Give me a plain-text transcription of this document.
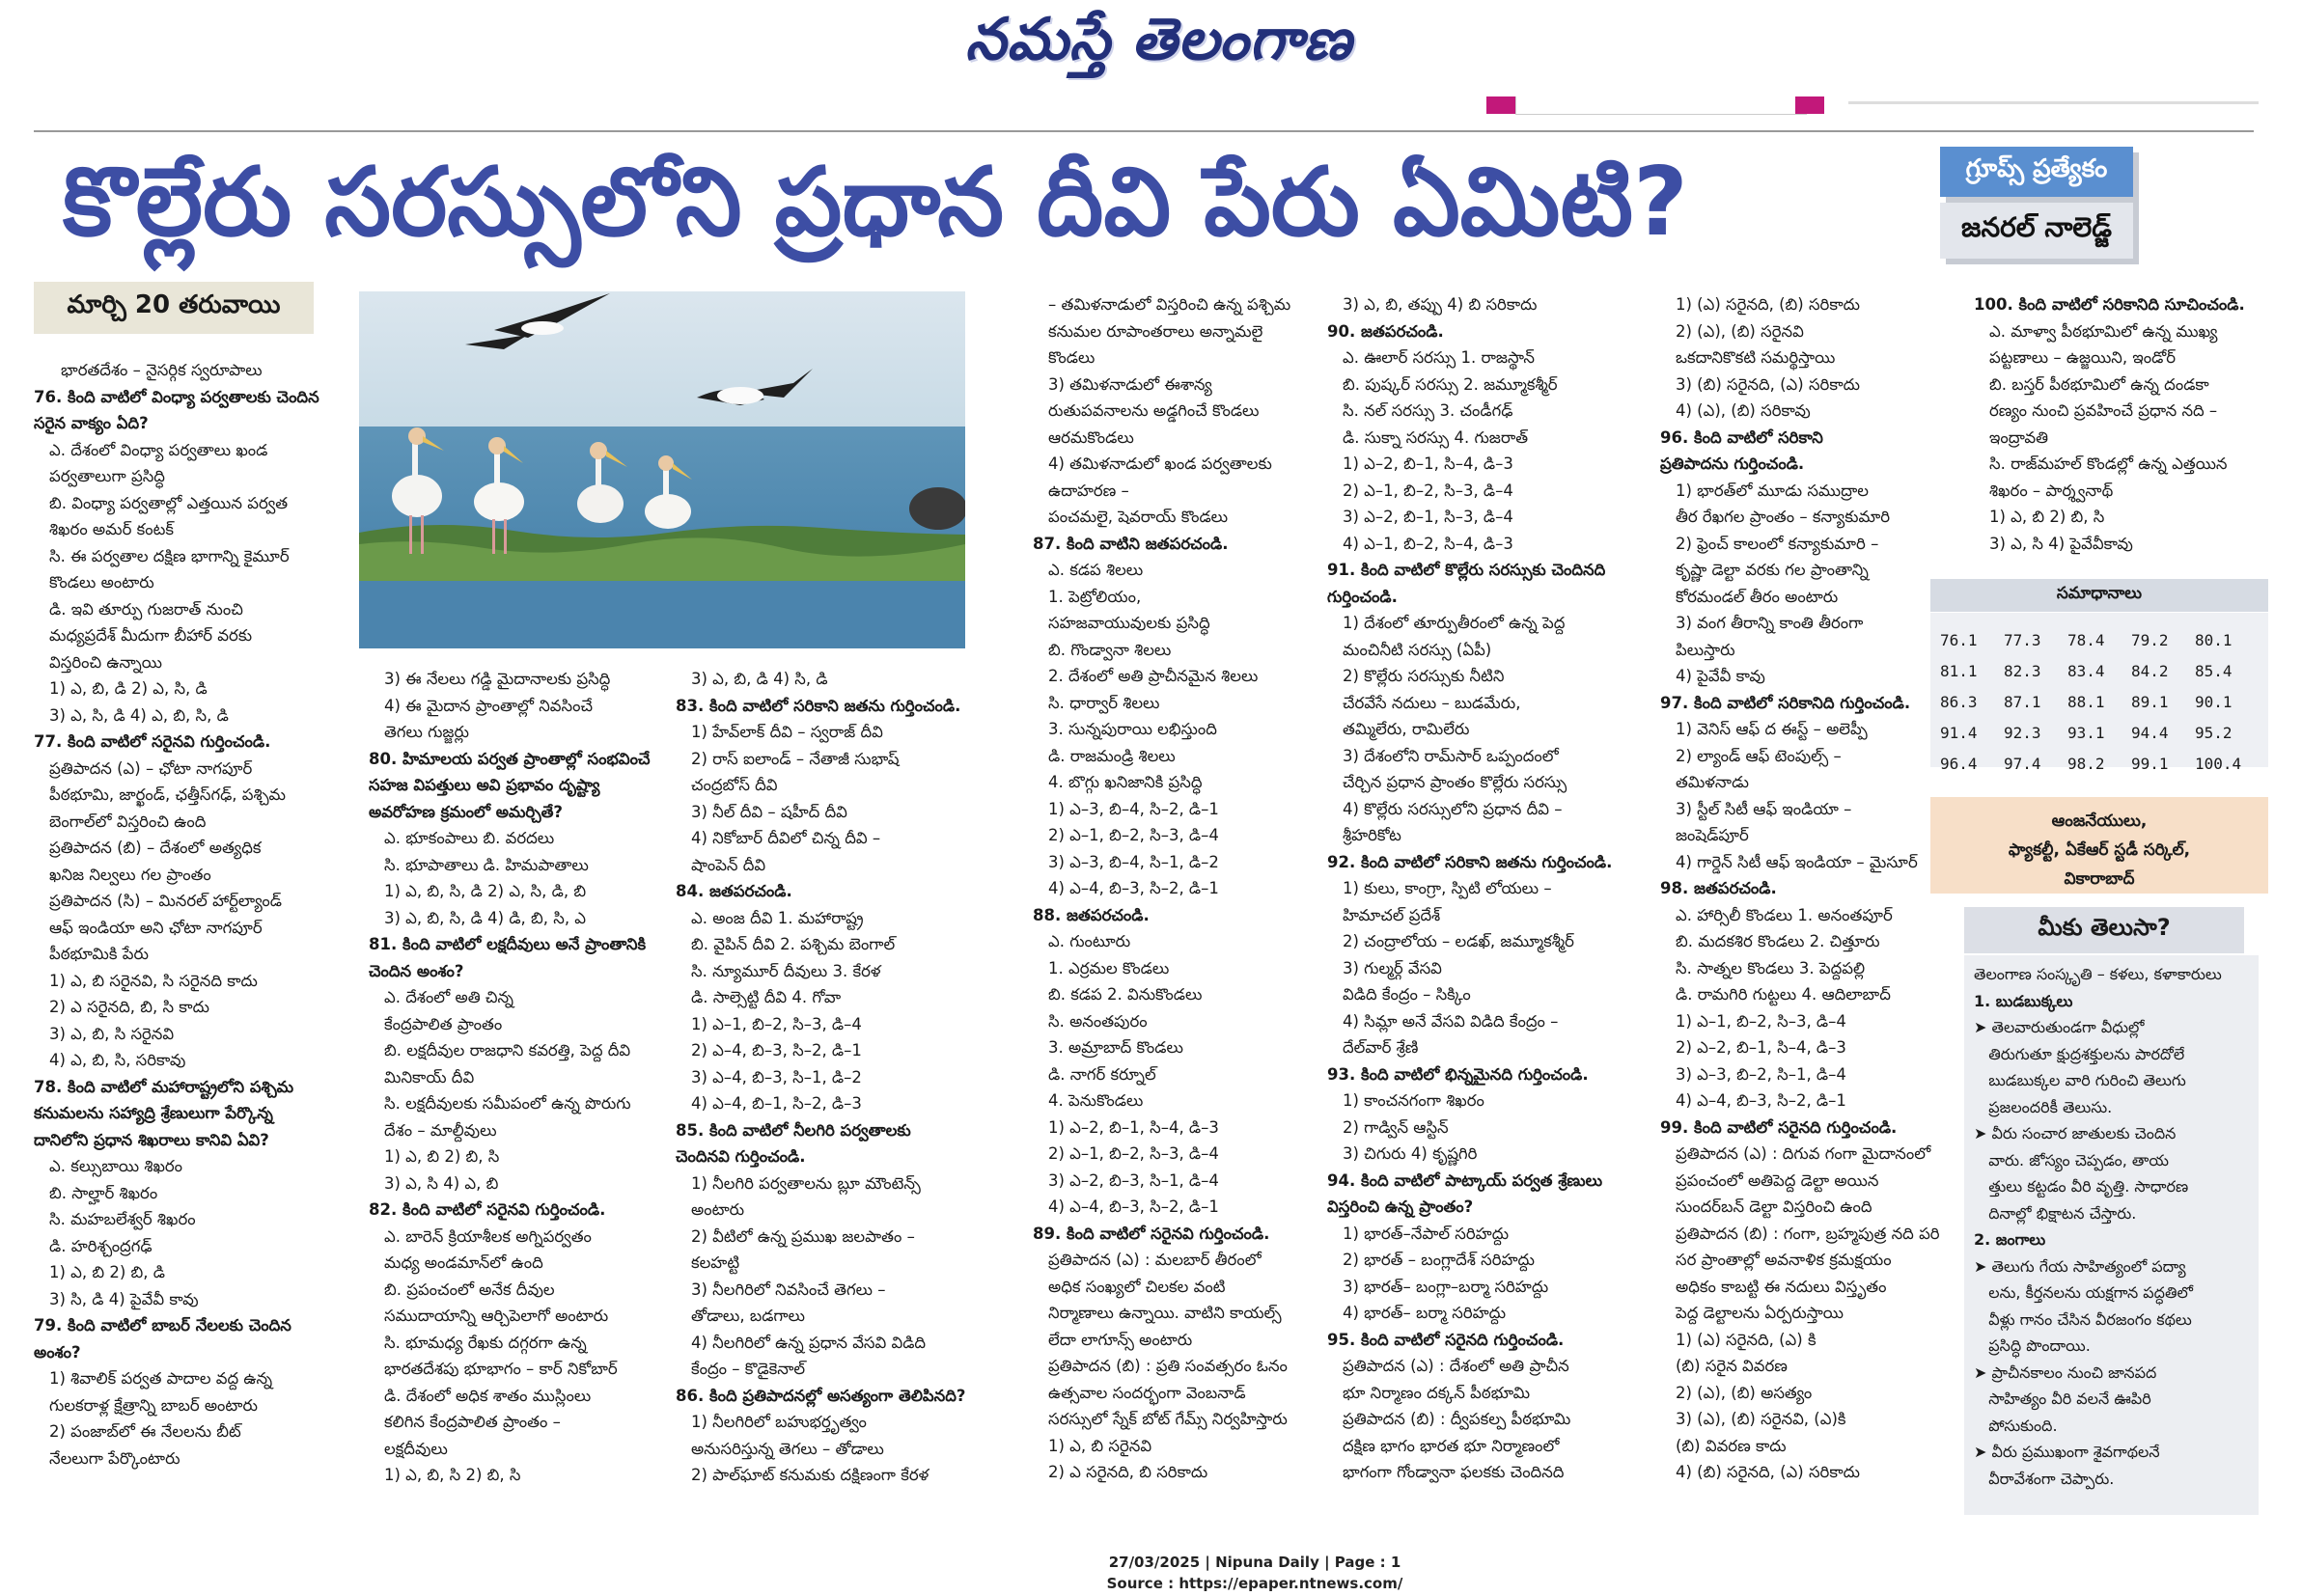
నమస్తే తెలంగాణ
కొల్లేరు సరస్సులోని ప్రధాన దీవి పేరు ఏమిటి?	గ్రూప్స్ ప్రత్యేకం
జనరల్ నాలెడ్జ్
మార్చి 20 తరువాయి
భారతదేశం – నైసర్గిక స్వరూపాలు
76. కింది వాటిలో వింధ్యా పర్వతాలకు చెందిన
సరైన వాక్యం ఏది?
ఎ. దేశంలో వింధ్యా పర్వతాలు ఖండ
పర్వతాలుగా ప్రసిద్ధి
బి. వింధ్యా పర్వతాల్లో ఎత్తయిన పర్వత
శిఖరం అమర్ కంటక్
సి. ఈ పర్వతాల దక్షిణ భాగాన్ని కైమూర్
కొండలు అంటారు
డి. ఇవి తూర్పు గుజరాత్ నుంచి
మధ్యప్రదేశ్ మీదుగా బీహార్ వరకు
విస్తరించి ఉన్నాయి
1) ఎ, బి, డి 2) ఎ, సి, డి
3) ఎ, సి, డి 4) ఎ, బి, సి, డి
77. కింది వాటిలో సరైనవి గుర్తించండి.
ప్రతిపాదన (ఎ) – ఛోటా నాగపూర్
పీఠభూమి, జార్ఖండ్, ఛత్తీస్‌గఢ్, పశ్చిమ
బెంగాల్‌లో విస్తరించి ఉంది
ప్రతిపాదన (బి) – దేశంలో అత్యధిక
ఖనిజ నిల్వలు గల ప్రాంతం
ప్రతిపాదన (సి) – మినరల్ హార్ట్‌ల్యాండ్
ఆఫ్ ఇండియా అని ఛోటా నాగపూర్
పీఠభూమికి పేరు
1) ఎ, బి సరైనవి, సి సరైనది కాదు
2) ఎ సరైనది, బి, సి కాదు
3) ఎ, బి, సి సరైనవి
4) ఎ, బి, సి, సరికావు
78. కింది వాటిలో మహారాష్ట్రలోని పశ్చిమ
కనుమలను సహ్యాద్రి శ్రేణులుగా పేర్కొన్న
దానిలోని ప్రధాన శిఖరాలు కానివి ఏవి?
ఎ. కల్సుబాయి శిఖరం
బి. సాల్హార్ శిఖరం
సి. మహబలేశ్వర్ శిఖరం
డి. హరిశ్చంద్రగఢ్
1) ఎ, బి 2) బి, డి
3) సి, డి 4) పైవేవీ కావు
79. కింది వాటిలో బాబర్ నేలలకు చెందిన
అంశం?
1) శివాలిక్ పర్వత పాదాల వద్ద ఉన్న
గులకరాళ్ల క్షేత్రాన్ని బాబర్ అంటారు
2) పంజాబ్‌లో ఈ నేలలను బీట్
నేలలుగా పేర్కొంటారు
3) ఈ నేలలు గడ్డి మైదానాలకు ప్రసిద్ధి
4) ఈ మైదాన ప్రాంతాల్లో నివసించే
తెగలు గుజ్జర్లు
80. హిమాలయ పర్వత ప్రాంతాల్లో సంభవించే
సహజ విపత్తులు అవి ప్రభావం దృష్ట్యా
అవరోహణ క్రమంలో అమర్చితే?
ఎ. భూకంపాలు బి. వరదలు
సి. భూపాతాలు డి. హిమపాతాలు
1) ఎ, బి, సి, డి 2) ఎ, సి, డి, బి
3) ఎ, బి, సి, డి 4) డి, బి, సి, ఎ
81. కింది వాటిలో లక్షదీవులు అనే ప్రాంతానికి
చెందిన అంశం?
ఎ. దేశంలో అతి చిన్న
కేంద్రపాలిత ప్రాంతం
బి. లక్షదీవుల రాజధాని కవరత్తి, పెద్ద దీవి
మినికాయ్ దీవి
సి. లక్షదీవులకు సమీపంలో ఉన్న పొరుగు
దేశం – మాల్దీవులు
1) ఎ, బి 2) బి, సి
3) ఎ, సి 4) ఎ, బి
82. కింది వాటిలో సరైనవి గుర్తించండి.
ఎ. బారెన్ క్రియాశీలక అగ్నిపర్వతం
మధ్య అండమాన్‌లో ఉంది
బి. ప్రపంచంలో అనేక దీవుల
సముదాయాన్ని ఆర్చిపెలాగో అంటారు
సి. భూమధ్య రేఖకు దగ్గరగా ఉన్న
భారతదేశపు భూభాగం – కార్ నికోబార్
డి. దేశంలో అధిక శాతం ముస్లింలు
కలిగిన కేంద్రపాలిత ప్రాంతం –
లక్షదీవులు
1) ఎ, బి, సి 2) బి, సి
3) ఎ, బి, డి 4) సి, డి
83. కింది వాటిలో సరికాని జతను గుర్తించండి.
1) హేవ్‌లాక్ దీవి – స్వరాజ్ దీవి
2) రాస్ ఐలాండ్ – నేతాజీ సుభాష్
చంద్రబోస్ దీవి
3) నీల్ దీవి – షహీద్ దీవి
4) నికోబార్ దీవిలో చిన్న దీవి –
షాంపెన్ దీవి
84. జతపరచండి.
ఎ. అంజ దీవి 1. మహారాష్ట్ర
బి. వైపిన్ దీవి 2. పశ్చిమ బెంగాల్
సి. న్యూమూర్ దీవులు 3. కేరళ
డి. సాల్సెట్టి దీవి 4. గోవా
1) ఎ–1, బి–2, సి–3, డి–4
2) ఎ–4, బి–3, సి–2, డి–1
3) ఎ–4, బి–3, సి–1, డి–2
4) ఎ–4, బి–1, సి–2, డి–3
85. కింది వాటిలో నీలగిరి పర్వతాలకు
చెందినవి గుర్తించండి.
1) నీలగిరి పర్వతాలను బ్లూ మౌంటెన్స్
అంటారు
2) వీటిలో ఉన్న ప్రముఖ జలపాతం –
కలహట్టి
3) నీలగిరిలో నివసించే తెగలు –
తోడాలు, బడగాలు
4) నీలగిరిలో ఉన్న ప్రధాన వేసవి విడిది
కేంద్రం – కొడైకెనాల్
86. కింది ప్రతిపాదనల్లో అసత్యంగా తెలిపినది?
1) నీలగిరిలో బహుభర్తృత్వం
అనుసరిస్తున్న తెగలు – తోడాలు
2) పాల్‌ఘాట్ కనుమకు దక్షిణంగా కేరళ
– తమిళనాడులో విస్తరించి ఉన్న పశ్చిమ
కనుమల రూపాంతరాలు అన్నామలై
కొండలు
3) తమిళనాడులో ఈశాన్య
రుతుపవనాలను అడ్డగించే కొండలు
ఆరమకొండలు
4) తమిళనాడులో ఖండ పర్వతాలకు
ఉదాహరణ –
పంచమలై, షెవరాయ్ కొండలు
87. కింది వాటిని జతపరచండి.
ఎ. కడప శిలలు
1. పెట్రోలియం,
సహజవాయువులకు ప్రసిద్ధి
బి. గొండ్వానా శిలలు
2. దేశంలో అతి ప్రాచీనమైన శిలలు
సి. ధార్వార్ శిలలు
3. సున్నపురాయి లభిస్తుంది
డి. రాజమండ్రి శిలలు
4. బొగ్గు ఖనిజానికి ప్రసిద్ధి
1) ఎ–3, బి–4, సి–2, డి–1
2) ఎ–1, బి–2, సి–3, డి–4
3) ఎ–3, బి–4, సి–1, డి–2
4) ఎ–4, బి–3, సి–2, డి–1
88. జతపరచండి.
ఎ. గుంటూరు
1. ఎర్రమల కొండలు
బి. కడప 2. వినుకొండలు
సి. అనంతపురం
3. అమ్రాబాద్ కొండలు
డి. నాగర్ కర్నూల్
4. పెనుకొండలు
1) ఎ–2, బి–1, సి–4, డి–3
2) ఎ–1, బి–2, సి–3, డి–4
3) ఎ–2, బి–3, సి–1, డి–4
4) ఎ–4, బి–3, సి–2, డి–1
89. కింది వాటిలో సరైనవి గుర్తించండి.
ప్రతిపాదన (ఎ) : మలబార్ తీరంలో
అధిక సంఖ్యలో చిలకల వంటి
నిర్మాణాలు ఉన్నాయి. వాటిని కాయల్స్
లేదా లాగూన్స్ అంటారు
ప్రతిపాదన (బి) : ప్రతి సంవత్సరం ఓనం
ఉత్సవాల సందర్భంగా వెంబనాడ్
సరస్సులో స్నేక్ బోట్ గేమ్స్ నిర్వహిస్తారు
1) ఎ, బి సరైనవి
2) ఎ సరైనది, బి సరికాదు
3) ఎ, బి, తప్పు 4) బి సరికాదు
90. జతపరచండి.
ఎ. ఊలార్ సరస్సు 1. రాజస్థాన్
బి. పుష్కర్ సరస్సు 2. జమ్మూకశ్మీర్
సి. నల్ సరస్సు 3. చండీగఢ్
డి. సుక్నా సరస్సు 4. గుజరాత్
1) ఎ–2, బి–1, సి–4, డి–3
2) ఎ–1, బి–2, సి–3, డి–4
3) ఎ–2, బి–1, సి–3, డి–4
4) ఎ–1, బి–2, సి–4, డి–3
91. కింది వాటిలో కొల్లేరు సరస్సుకు చెందినది
గుర్తించండి.
1) దేశంలో తూర్పుతీరంలో ఉన్న పెద్ద
మంచినీటి సరస్సు (ఏపీ)
2) కొల్లేరు సరస్సుకు నీటిని
చేరవేసే నదులు – బుడమేరు,
తమ్మిలేరు, రామిలేరు
3) దేశంలోని రామ్‌సార్ ఒప్పందంలో
చేర్చిన ప్రధాన ప్రాంతం కొల్లేరు సరస్సు
4) కొల్లేరు సరస్సులోని ప్రధాన దీవి –
శ్రీహరికోట
92. కింది వాటిలో సరికాని జతను గుర్తించండి.
1) కులు, కాంగ్రా, స్పిటి లోయలు –
హిమాచల్ ప్రదేశ్
2) చంద్రాలోయ – లడఖ్, జమ్మూకశ్మీర్
3) గుల్మర్గ్ వేసవి
విడిది కేంద్రం – సిక్కిం
4) సిమ్లా అనే వేసవి విడిది కేంద్రం –
దేల్‌వార్ శ్రేణి
93. కింది వాటిలో భిన్నమైనది గుర్తించండి.
1) కాంచనగంగా శిఖరం
2) గాడ్విన్ ఆస్టిన్
3) చిగురు 4) కృష్ణగిరి
94. కింది వాటిలో పాట్కాయ్ పర్వత శ్రేణులు
విస్తరించి ఉన్న ప్రాంతం?
1) భారత్–నేపాల్ సరిహద్దు
2) భారత్ – బంగ్లాదేశ్ సరిహద్దు
3) భారత్– బంగ్లా–బర్మా సరిహద్దు
4) భారత్– బర్మా సరిహద్దు
95. కింది వాటిలో సరైనది గుర్తించండి.
ప్రతిపాదన (ఎ) : దేశంలో అతి ప్రాచీన
భూ నిర్మాణం దక్కన్ పీఠభూమి
ప్రతిపాదన (బి) : ద్వీపకల్ప పీఠభూమి
దక్షిణ భాగం భారత భూ నిర్మాణంలో
భాగంగా గోండ్వానా ఫలకకు చెందినది
1) (ఎ) సరైనది, (బి) సరికాదు
2) (ఎ), (బి) సరైనవి
ఒకదానికొకటి సమర్థిస్తాయి
3) (బి) సరైనది, (ఎ) సరికాదు
4) (ఎ), (బి) సరికావు
96. కింది వాటిలో సరికాని
ప్రతిపాదను గుర్తించండి.
1) భారత్‌లో మూడు సముద్రాల
తీర రేఖగల ప్రాంతం – కన్యాకుమారి
2) ఫ్రెంచ్ కాలంలో కన్యాకుమారి –
కృష్ణా డెల్టా వరకు గల ప్రాంతాన్ని
కోరమండల్ తీరం అంటారు
3) వంగ తీరాన్ని కాంతి తీరంగా
పిలుస్తారు
4) పైవేవీ కావు
97. కింది వాటిలో సరికానిది గుర్తించండి.
1) వెనిస్ ఆఫ్ ద ఈస్ట్ – అలెప్పీ
2) ల్యాండ్ ఆఫ్ టెంపుల్స్ –
తమిళనాడు
3) స్టీల్ సిటీ ఆఫ్ ఇండియా –
జంషెడ్‌పూర్
4) గార్డెన్ సిటీ ఆఫ్ ఇండియా – మైసూర్
98. జతపరచండి.
ఎ. హార్సిలీ కొండలు 1. అనంతపూర్
బి. మదకశిర కొండలు 2. చిత్తూరు
సి. సాత్నల కొండలు 3. పెద్దపల్లి
డి. రామగిరి గుట్టలు 4. ఆదిలాబాద్
1) ఎ–1, బి–2, సి–3, డి–4
2) ఎ–2, బి–1, సి–4, డి–3
3) ఎ–3, బి–2, సి–1, డి–4
4) ఎ–4, బి–3, సి–2, డి–1
99. కింది వాటిలో సరైనది గుర్తించండి.
ప్రతిపాదన (ఎ) : దిగువ గంగా మైదానంలో
ప్రపంచంలో అతిపెద్ద డెల్టా అయిన
సుందర్‌బన్ డెల్టా విస్తరించి ఉంది
ప్రతిపాదన (బి) : గంగా, బ్రహ్మపుత్ర నది పరి
సర ప్రాంతాల్లో అవనాళిక క్రమక్షయం
అధికం కాబట్టి ఈ నదులు విస్తృతం
పెద్ద డెల్టాలను ఏర్పరుస్తాయి
1) (ఎ) సరైనది, (ఎ) కి
(బి) సరైన వివరణ
2) (ఎ), (బి) అసత్యం
3) (ఎ), (బి) సరైనవి, (ఎ)కి
(బి) వివరణ కాదు
4) (బి) సరైనది, (ఎ) సరికాదు
100. కింది వాటిలో సరికానిది సూచించండి.
ఎ. మాళ్వా పీఠభూమిలో ఉన్న ముఖ్య
పట్టణాలు – ఉజ్జయిని, ఇండోర్
బి. బస్తర్ పీఠభూమిలో ఉన్న దండకా
రణ్యం నుంచి ప్రవహించే ప్రధాన నది –
ఇంద్రావతి
సి. రాజ్‌మహల్ కొండల్లో ఉన్న ఎత్తయిన
శిఖరం – పార్శ్వనాథ్
1) ఎ, బి 2) బి, సి
3) ఎ, సి 4) పైవేవీకావు
సమాధానాలు
76.1 77.3 78.4 79.2 80.1
81.1 82.3 83.4 84.2 85.4
86.3 87.1 88.1 89.1 90.1
91.4 92.3 93.1 94.4 95.2
96.4 97.4 98.2 99.1 100.4
ఆంజనేయులు,
ఫ్యాకల్టీ, ఏకేఆర్ స్టడీ సర్కిల్,
వికారాబాద్
మీకు తెలుసా?
తెలంగాణ సంస్కృతి – కళలు, కళాకారులు
1. బుడబుక్కలు
➤ తెలవారుతుండగా వీధుల్లో
తిరుగుతూ క్షుద్రశక్తులను పారదోలే
బుడబుక్కల వారి గురించి తెలుగు
ప్రజలందరికీ తెలుసు.
➤ వీరు సంచార జాతులకు చెందిన
వారు. జోస్యం చెప్పడం, తాయ
త్తులు కట్టడం వీరి వృత్తి. సాధారణ
దినాల్లో భిక్షాటన చేస్తారు.
2. జంగాలు
➤ తెలుగు గేయ సాహిత్యంలో పద్యా
లను, కీర్తనలను యక్షగాన పద్ధతిలో
వీళ్లు గానం చేసిన వీరజంగం కథలు
ప్రసిద్ధి పొందాయి.
➤ ప్రాచీనకాలం నుంచి జానపద
సాహిత్యం వీరి వలనే ఊపిరి
పోసుకుంది.
➤ వీరు ప్రముఖంగా శైవగాథలనే
వీరావేశంగా చెప్పారు.
27/03/2025 | Nipuna Daily | Page : 1
Source : https://epaper.ntnews.com/
